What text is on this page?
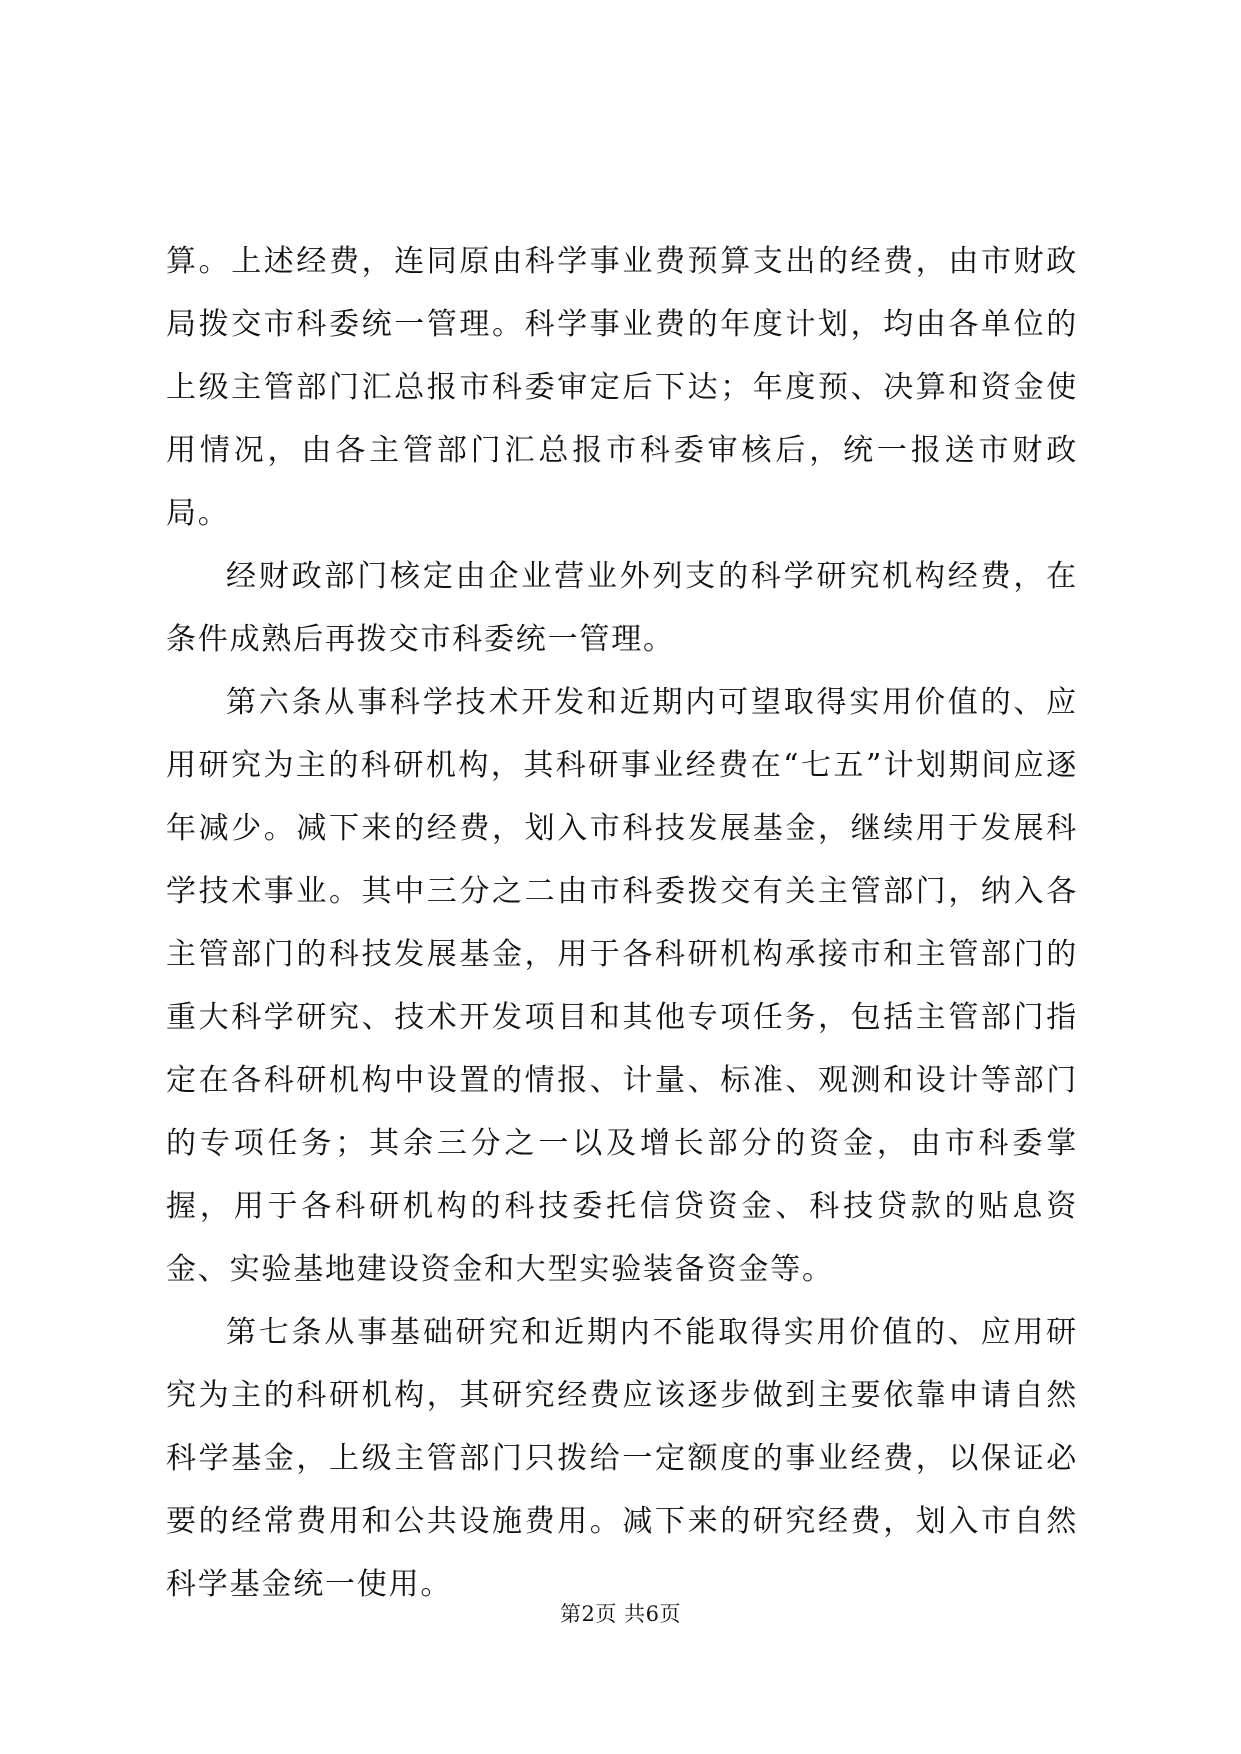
算。上述经费，连同原由科学事业费预算支出的经费，由市财政局拨交市科委统一管理。科学事业费的年度计划，均由各单位的上级主管部门汇总报市科委审定后下达；年度预、决算和资金使用情况，由各主管部门汇总报市科委审核后，统一报送市财政局。

经财政部门核定由企业营业外列支的科学研究机构经费，在条件成熟后再拨交市科委统一管理。

第六条从事科学技术开发和近期内可望取得实用价值的、应用研究为主的科研机构，其科研事业经费在“七五”计划期间应逐年减少。减下来的经费，划入市科技发展基金，继续用于发展科学技术事业。其中三分之二由市科委拨交有关主管部门，纳入各主管部门的科技发展基金，用于各科研机构承接市和主管部门的重大科学研究、技术开发项目和其他专项任务，包括主管部门指定在各科研机构中设置的情报、计量、标准、观测和设计等部门的专项任务；其余三分之一以及增长部分的资金，由市科委掌握，用于各科研机构的科技委托信贷资金、科技贷款的贴息资金、实验基地建设资金和大型实验装备资金等。

第七条从事基础研究和近期内不能取得实用价值的、应用研究为主的科研机构，其研究经费应该逐步做到主要依靠申请自然科学基金，上级主管部门只拨给一定额度的事业经费，以保证必要的经常费用和公共设施费用。减下来的研究经费，划入市自然科学基金统一使用。

第2页 共6页
